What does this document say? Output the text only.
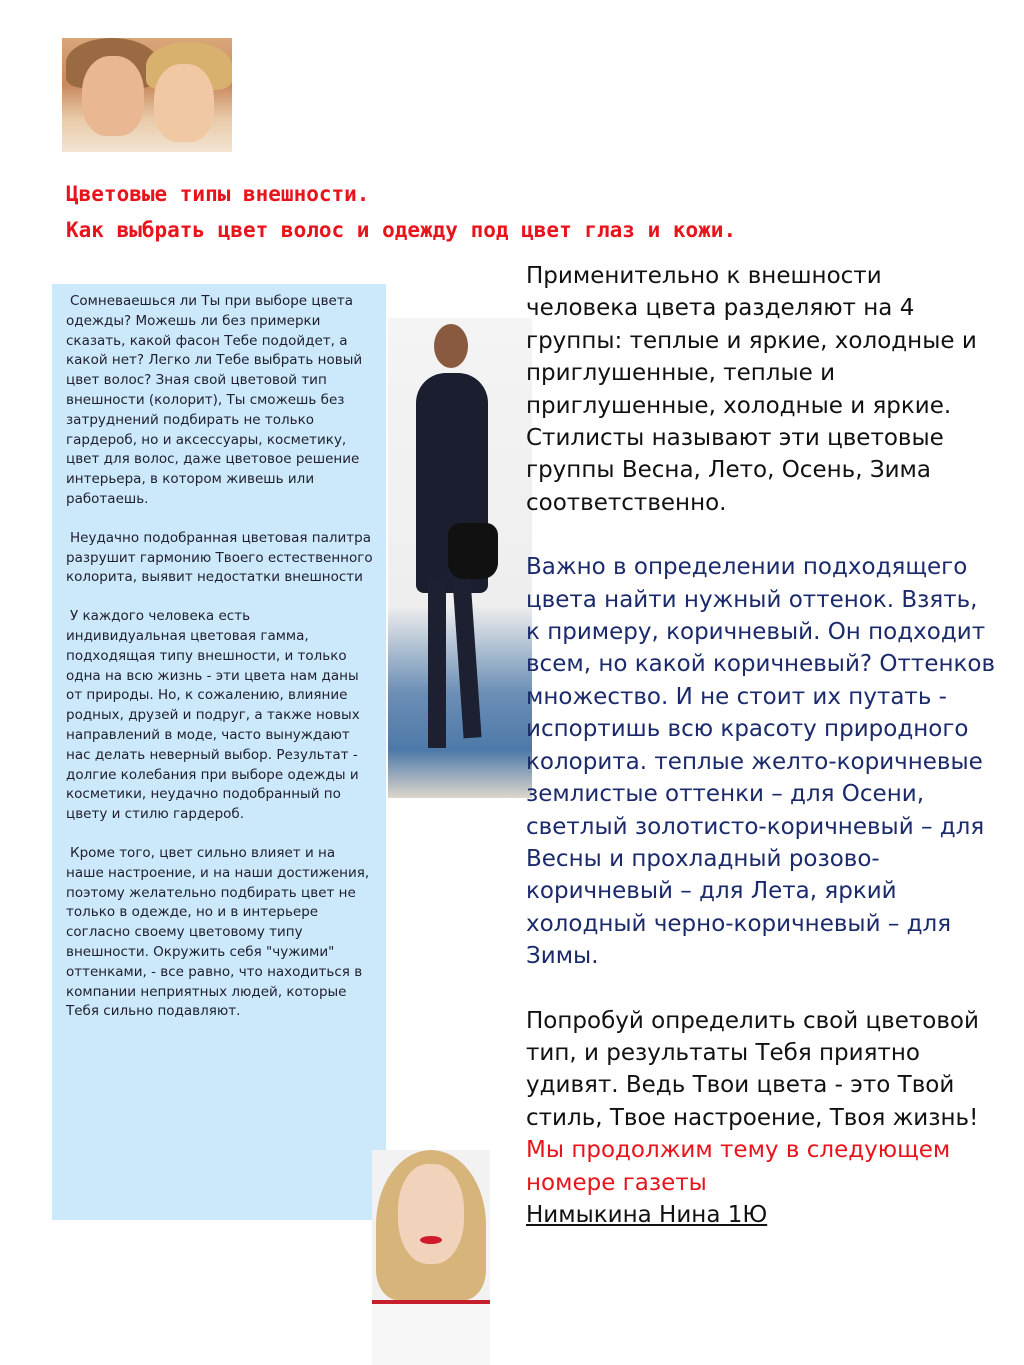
Цветовые типы внешности.
Как выбрать цвет волос и одежду под цвет глаз и кожи.

Сомневаешься ли Ты при выборе цвета одежды? Можешь ли без примерки сказать, какой фасон Тебе подойдет, а какой нет? Легко ли Тебе выбрать новый цвет волос? Зная свой цветовой тип внешности (колорит), Ты сможешь без затруднений подбирать не только гардероб, но и аксессуары, косметику, цвет для волос, даже цветовое решение интерьера, в котором живешь или работаешь.

Неудачно подобранная цветовая палитра разрушит гармонию Твоего естественного колорита, выявит недостатки внешности

У каждого человека есть индивидуальная цветовая гамма, подходящая типу внешности, и только одна на всю жизнь - эти цвета нам даны от природы. Но, к сожалению, влияние родных, друзей и подруг, а также новых направлений в моде, часто вынуждают нас делать неверный выбор. Результат - долгие колебания при выборе одежды и косметики, неудачно подобранный по цвету и стилю гардероб.

Кроме того, цвет сильно влияет и на наше настроение, и на наши достижения, поэтому желательно подбирать цвет не только в одежде, но и в интерьере согласно своему цветовому типу внешности. Окружить себя "чужими" оттенками, - все равно, что находиться в компании неприятных людей, которые Тебя сильно подавляют.

Применительно к внешности человека цвета разделяют на 4 группы: теплые и яркие, холодные и приглушенные, теплые и приглушенные, холодные и яркие. Стилисты называют эти цветовые группы Весна, Лето, Осень, Зима соответственно.

Важно в определении подходящего цвета найти нужный оттенок. Взять, к примеру, коричневый. Он подходит всем, но какой коричневый? Оттенков множество. И не стоит их путать - испортишь всю красоту природного колорита. теплые желто-коричневые землистые оттенки – для Осени, светлый золотисто-коричневый – для Весны и прохладный розово-коричневый – для Лета, яркий холодный черно-коричневый – для Зимы.

Попробуй определить свой цветовой тип, и результаты Тебя приятно удивят. Ведь Твои цвета - это Твой стиль, Твое настроение, Твоя жизнь!

Мы продолжим тему в следующем номере газеты

Нимыкина Нина 1Ю
